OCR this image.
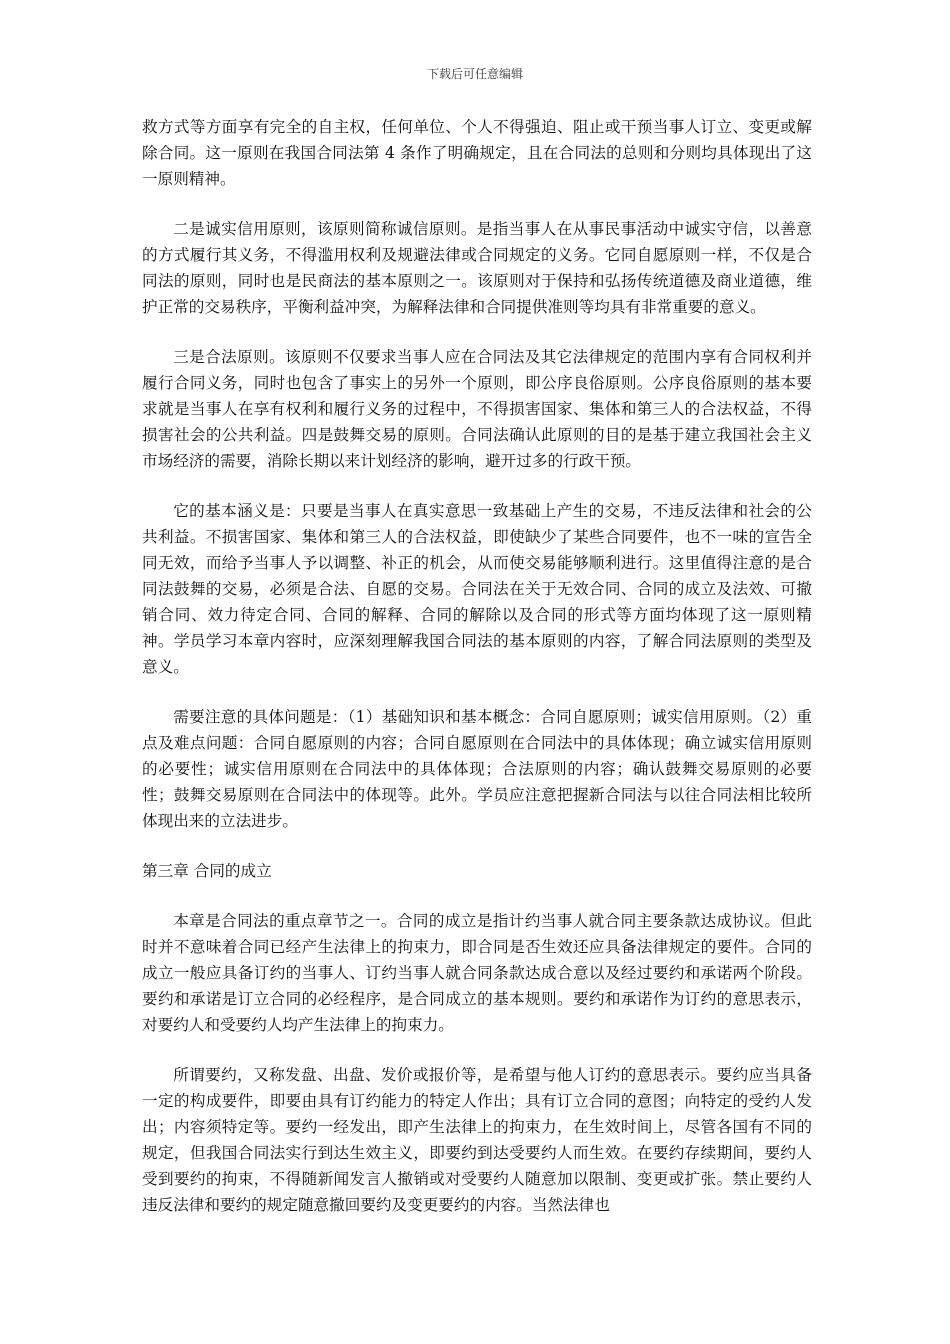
下载后可任意编辑

救方式等方面享有完全的自主权，任何单位、个人不得强迫、阻止或干预当事人订立、变更或解除合同。这一原则在我国合同法第 4 条作了明确规定，且在合同法的总则和分则均具体现出了这一原则精神。

二是诚实信用原则，该原则简称诚信原则。是指当事人在从事民事活动中诚实守信，以善意的方式履行其义务，不得滥用权利及规避法律或合同规定的义务。它同自愿原则一样，不仅是合同法的原则，同时也是民商法的基本原则之一。该原则对于保持和弘扬传统道德及商业道德，维护正常的交易秩序，平衡利益冲突，为解释法律和合同提供准则等均具有非常重要的意义。

三是合法原则。该原则不仅要求当事人应在合同法及其它法律规定的范围内享有合同权利并履行合同义务，同时也包含了事实上的另外一个原则，即公序良俗原则。公序良俗原则的基本要求就是当事人在享有权利和履行义务的过程中，不得损害国家、集体和第三人的合法权益，不得损害社会的公共利益。四是鼓舞交易的原则。合同法确认此原则的目的是基于建立我国社会主义市场经济的需要，消除长期以来计划经济的影响，避开过多的行政干预。

它的基本涵义是：只要是当事人在真实意思一致基础上产生的交易，不违反法律和社会的公共利益。不损害国家、集体和第三人的合法权益，即使缺少了某些合同要件，也不一味的宣告全同无效，而给予当事人予以调整、补正的机会，从而使交易能够顺利进行。这里值得注意的是合同法鼓舞的交易，必须是合法、自愿的交易。合同法在关于无效合同、合同的成立及法效、可撤销合同、效力待定合同、合同的解释、合同的解除以及合同的形式等方面均体现了这一原则精神。学员学习本章内容时，应深刻理解我国合同法的基本原则的内容，了解合同法原则的类型及意义。

需要注意的具体问题是：（1）基础知识和基本概念：合同自愿原则；诚实信用原则。（2）重点及难点问题：合同自愿原则的内容；合同自愿原则在合同法中的具体体现；确立诚实信用原则的必要性；诚实信用原则在合同法中的具体体现；合法原则的内容；确认鼓舞交易原则的必要性；鼓舞交易原则在合同法中的体现等。此外。学员应注意把握新合同法与以往合同法相比较所体现出来的立法进步。

第三章 合同的成立

本章是合同法的重点章节之一。合同的成立是指计约当事人就合同主要条款达成协议。但此时并不意味着合同已经产生法律上的拘束力，即合同是否生效还应具备法律规定的要件。合同的成立一般应具备订约的当事人、订约当事人就合同条款达成合意以及经过要约和承诺两个阶段。要约和承诺是订立合同的必经程序，是合同成立的基本规则。要约和承诺作为订约的意思表示，对要约人和受要约人均产生法律上的拘束力。

所谓要约，又称发盘、出盘、发价或报价等，是希望与他人订约的意思表示。要约应当具备一定的构成要件，即要由具有订约能力的特定人作出；具有订立合同的意图；向特定的受约人发出；内容须特定等。要约一经发出，即产生法律上的拘束力，在生效时间上，尽管各国有不同的规定，但我国合同法实行到达生效主义，即要约到达受要约人而生效。在要约存续期间，要约人受到要约的拘束，不得随新闻发言人撤销或对受要约人随意加以限制、变更或扩张。禁止要约人违反法律和要约的规定随意撤回要约及变更要约的内容。当然法律也
